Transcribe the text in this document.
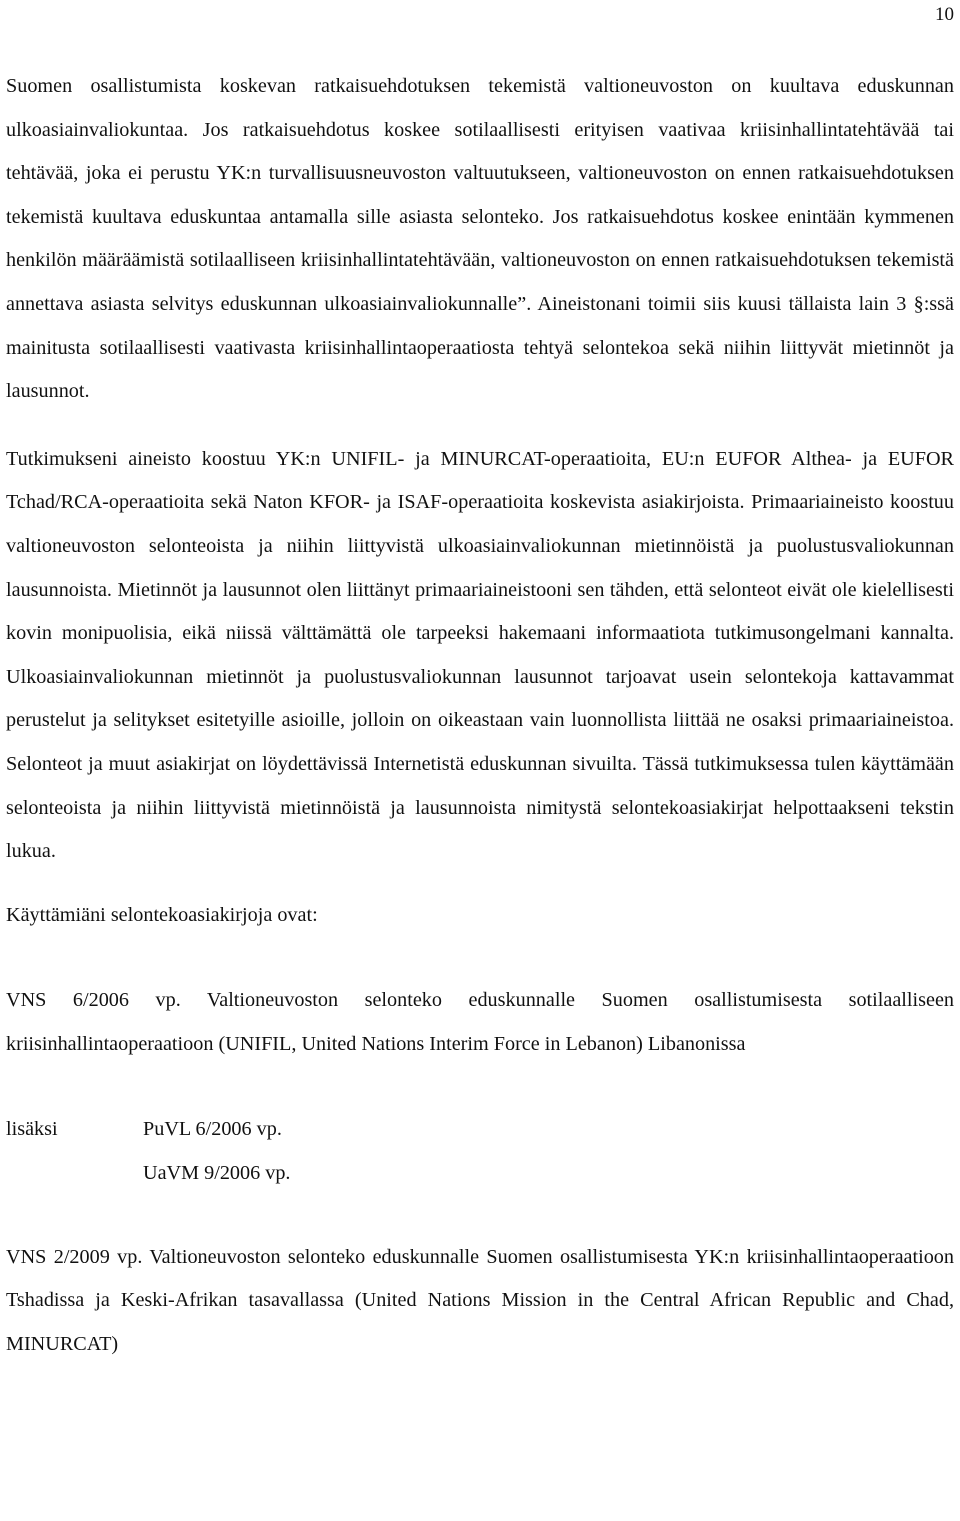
10

Suomen osallistumista koskevan ratkaisuehdotuksen tekemistä valtioneuvoston on kuultava eduskunnan ulkoasiainvaliokuntaa. Jos ratkaisuehdotus koskee sotilaallisesti erityisen vaativaa kriisinhallintatehtävää tai tehtävää, joka ei perustu YK:n turvallisuusneuvoston valtuutukseen, valtioneuvoston on ennen ratkaisuehdotuksen tekemistä kuultava eduskuntaa antamalla sille asiasta selonteko. Jos ratkaisuehdotus koskee enintään kymmenen henkilön määräämistä sotilaalliseen kriisinhallintatehtävään, valtioneuvoston on ennen ratkaisuehdotuksen tekemistä annettava asiasta selvitys eduskunnan ulkoasiainvaliokunnalle”. Aineistonani toimii siis kuusi tällaista lain 3 §:ssä mainitusta sotilaallisesti vaativasta kriisinhallintaoperaatiosta tehtyä selontekoa sekä niihin liittyvät mietinnöt ja lausunnot.

Tutkimukseni aineisto koostuu YK:n UNIFIL- ja MINURCAT-operaatioita, EU:n EUFOR Althea- ja EUFOR Tchad/RCA-operaatioita sekä Naton KFOR- ja ISAF-operaatioita koskevista asiakirjoista. Primaariaineisto koostuu valtioneuvoston selonteoista ja niihin liittyvistä ulkoasiainvaliokunnan mietinnöistä ja puolustusvaliokunnan lausunnoista. Mietinnöt ja lausunnot olen liittänyt primaariaineistooni sen tähden, että selonteot eivät ole kielellisesti kovin monipuolisia, eikä niissä välttämättä ole tarpeeksi hakemaani informaatiota tutkimusongelmani kannalta. Ulkoasiainvaliokunnan mietinnöt ja puolustusvaliokunnan lausunnot tarjoavat usein selontekoja kattavammat perustelut ja selitykset esitetyille asioille, jolloin on oikeastaan vain luonnollista liittää ne osaksi primaariaineistoa. Selonteot ja muut asiakirjat on löydettävissä Internetistä eduskunnan sivuilta. Tässä tutkimuksessa tulen käyttämään selonteoista ja niihin liittyvistä mietinnöistä ja lausunnoista nimitystä selontekoasiakirjat helpottaakseni tekstin lukua.

Käyttämiäni selontekoasiakirjoja ovat:

VNS 6/2006 vp. Valtioneuvoston selonteko eduskunnalle Suomen osallistumisesta sotilaalliseen kriisinhallintaoperaatioon (UNIFIL, United Nations Interim Force in Lebanon) Libanonissa

lisäksi	PuVL 6/2006 vp.
UaVM 9/2006 vp.

VNS 2/2009 vp. Valtioneuvoston selonteko eduskunnalle Suomen osallistumisesta YK:n kriisinhallintaoperaatioon Tshadissa ja Keski-Afrikan tasavallassa (United Nations Mission in the Central African Republic and Chad, MINURCAT)
